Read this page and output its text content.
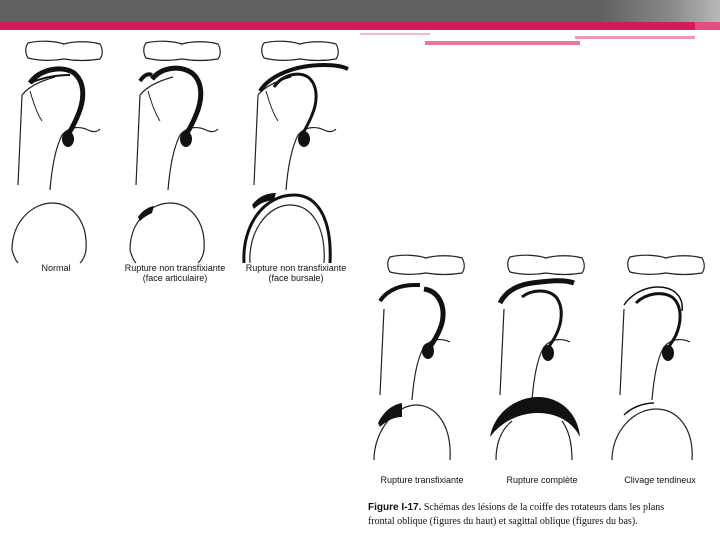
Normal	Rupture non transfixiante
(face articulaire)
Rupture non transfixiante
(face bursale)
Rupture transfixiante	Rupture complète	Clivage tendineux
Figure I-17. Schémas des lésions de la coiffe des rotateurs dans les plans
frontal oblique (figures du haut) et sagittal oblique (figures du bas).
